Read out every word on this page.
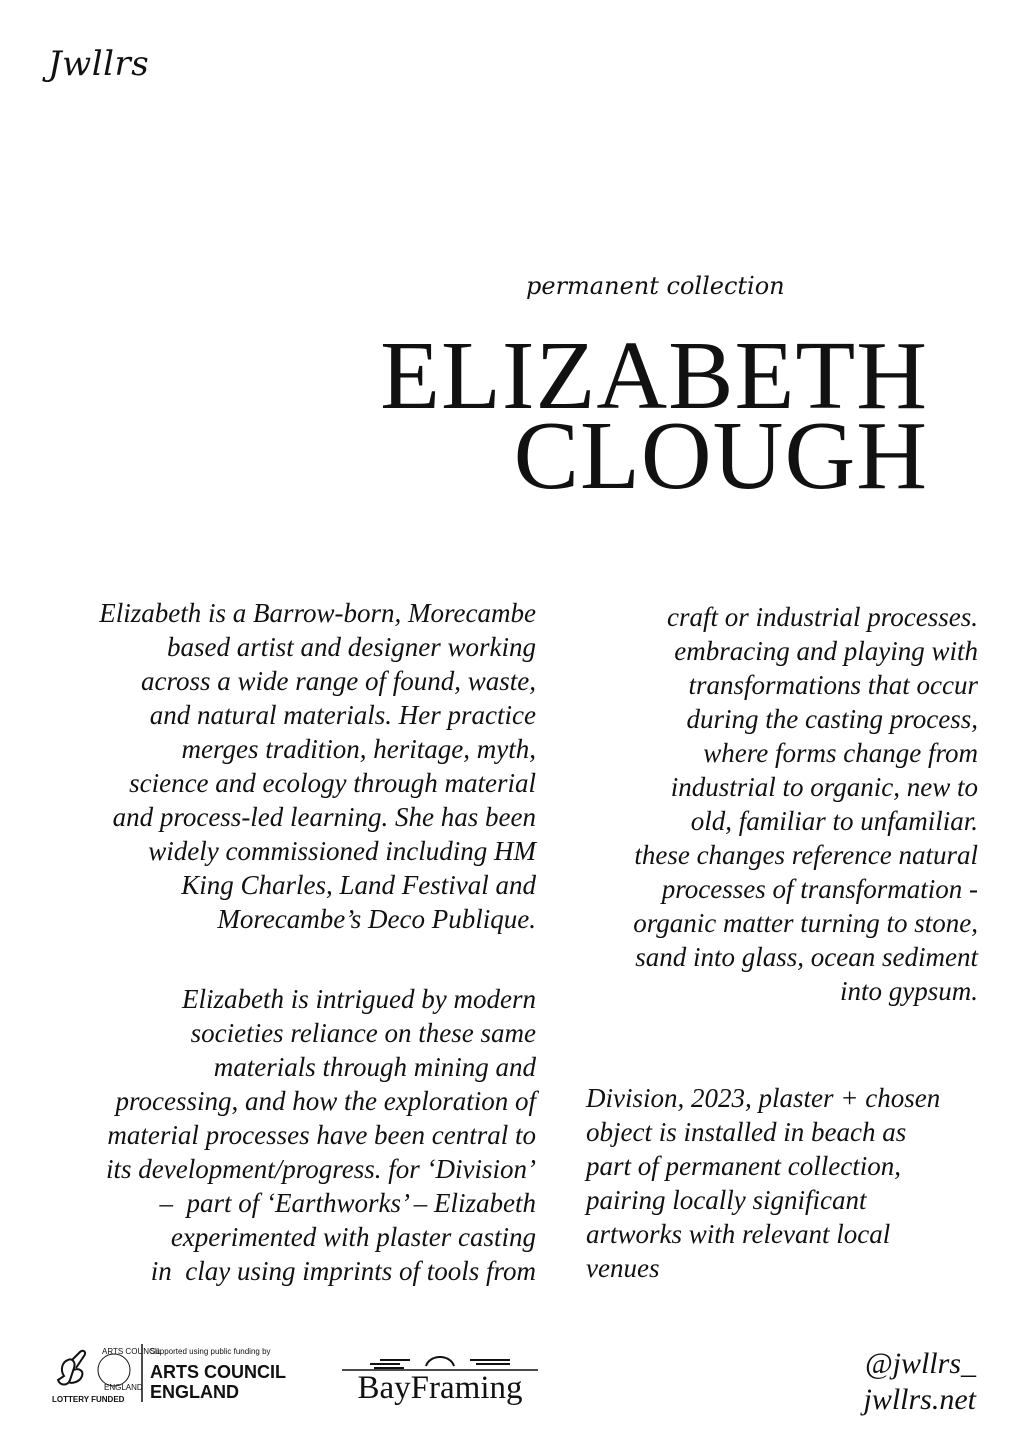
Jwllrs
permanent collection
ELIZABETH
CLOUGH
Elizabeth is a Barrow-born, Morecambe
based artist and designer working
across a wide range of found, waste,
and natural materials. Her practice
merges tradition, heritage, myth,
science and ecology through material
and process-led learning. She has been
widely commissioned including HM
King Charles, Land Festival and
Morecambe’s Deco Publique.
Elizabeth is intrigued by modern
societies reliance on these same
materials through mining and
processing, and how the exploration of
material processes have been central to
its development/progress. for ‘Division’
–  part of ‘Earthworks’ – Elizabeth
experimented with plaster casting
in  clay using imprints of tools from
craft or industrial processes.
embracing and playing with
transformations that occur
during the casting process,
where forms change from
industrial to organic, new to
old, familiar to unfamiliar.
these changes reference natural
processes of transformation -
organic matter turning to stone,
sand into glass, ocean sediment
into gypsum.
Division, 2023, plaster + chosen
object is installed in beach as
part of permanent collection,
pairing locally significant
artworks with relevant local
venues
LOTTERY FUNDED
ARTS COUNCIL
ENGLAND
Supported using public funding by
ARTS COUNCIL
ENGLAND	BayFraming
@jwllrs_
jwllrs.net
